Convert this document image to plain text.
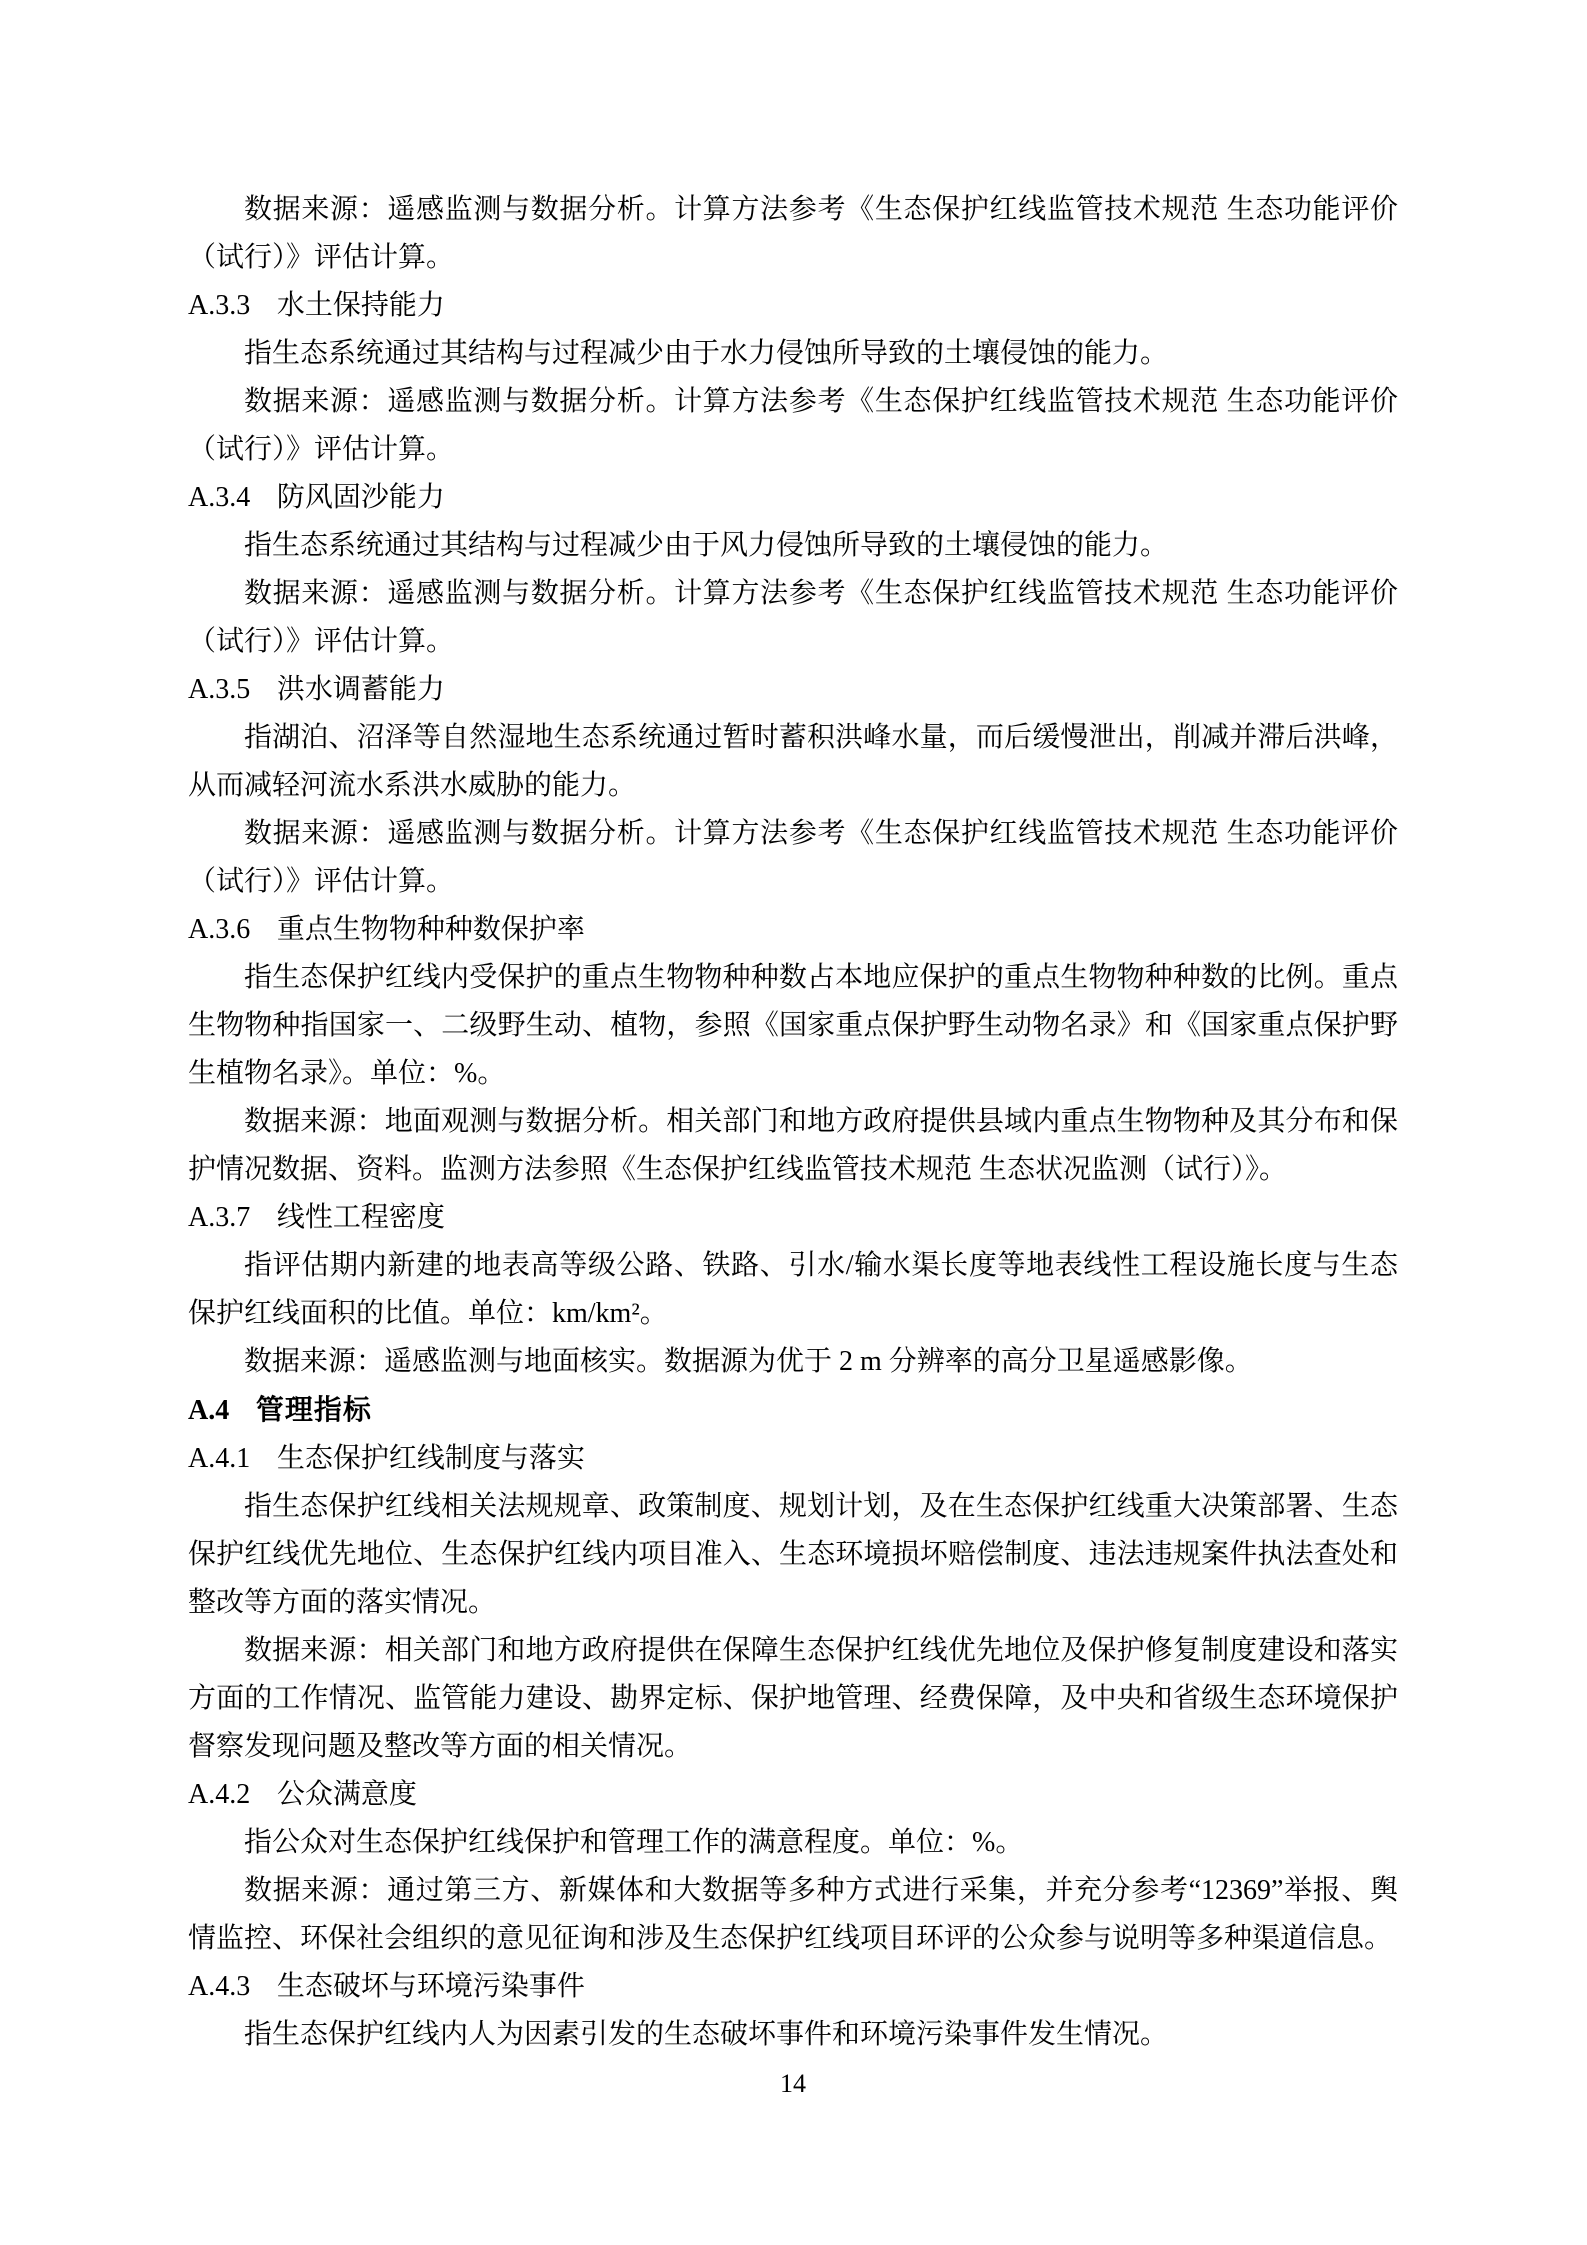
数据来源：遥感监测与数据分析。计算方法参考《生态保护红线监管技术规范 生态功能评价（试行）》评估计算。

A.3.3 水土保持能力

指生态系统通过其结构与过程减少由于水力侵蚀所导致的土壤侵蚀的能力。

数据来源：遥感监测与数据分析。计算方法参考《生态保护红线监管技术规范 生态功能评价（试行）》评估计算。

A.3.4 防风固沙能力

指生态系统通过其结构与过程减少由于风力侵蚀所导致的土壤侵蚀的能力。

数据来源：遥感监测与数据分析。计算方法参考《生态保护红线监管技术规范 生态功能评价（试行）》评估计算。

A.3.5 洪水调蓄能力

指湖泊、沼泽等自然湿地生态系统通过暂时蓄积洪峰水量，而后缓慢泄出，削减并滞后洪峰，从而减轻河流水系洪水威胁的能力。

数据来源：遥感监测与数据分析。计算方法参考《生态保护红线监管技术规范 生态功能评价（试行）》评估计算。

A.3.6 重点生物物种种数保护率

指生态保护红线内受保护的重点生物物种种数占本地应保护的重点生物物种种数的比例。重点生物物种指国家一、二级野生动、植物，参照《国家重点保护野生动物名录》和《国家重点保护野生植物名录》。单位：%。

数据来源：地面观测与数据分析。相关部门和地方政府提供县域内重点生物物种及其分布和保护情况数据、资料。监测方法参照《生态保护红线监管技术规范 生态状况监测（试行）》。

A.3.7 线性工程密度

指评估期内新建的地表高等级公路、铁路、引水/输水渠长度等地表线性工程设施长度与生态保护红线面积的比值。单位：km/km²。

数据来源：遥感监测与地面核实。数据源为优于 2 m 分辨率的高分卫星遥感影像。

A.4 管理指标
A.4.1 生态保护红线制度与落实

指生态保护红线相关法规规章、政策制度、规划计划，及在生态保护红线重大决策部署、生态保护红线优先地位、生态保护红线内项目准入、生态环境损坏赔偿制度、违法违规案件执法查处和整改等方面的落实情况。

数据来源：相关部门和地方政府提供在保障生态保护红线优先地位及保护修复制度建设和落实方面的工作情况、监管能力建设、勘界定标、保护地管理、经费保障，及中央和省级生态环境保护督察发现问题及整改等方面的相关情况。

A.4.2 公众满意度

指公众对生态保护红线保护和管理工作的满意程度。单位：%。

数据来源：通过第三方、新媒体和大数据等多种方式进行采集，并充分参考“12369”举报、舆情监控、环保社会组织的意见征询和涉及生态保护红线项目环评的公众参与说明等多种渠道信息。

A.4.3 生态破坏与环境污染事件

指生态保护红线内人为因素引发的生态破坏事件和环境污染事件发生情况。

14
